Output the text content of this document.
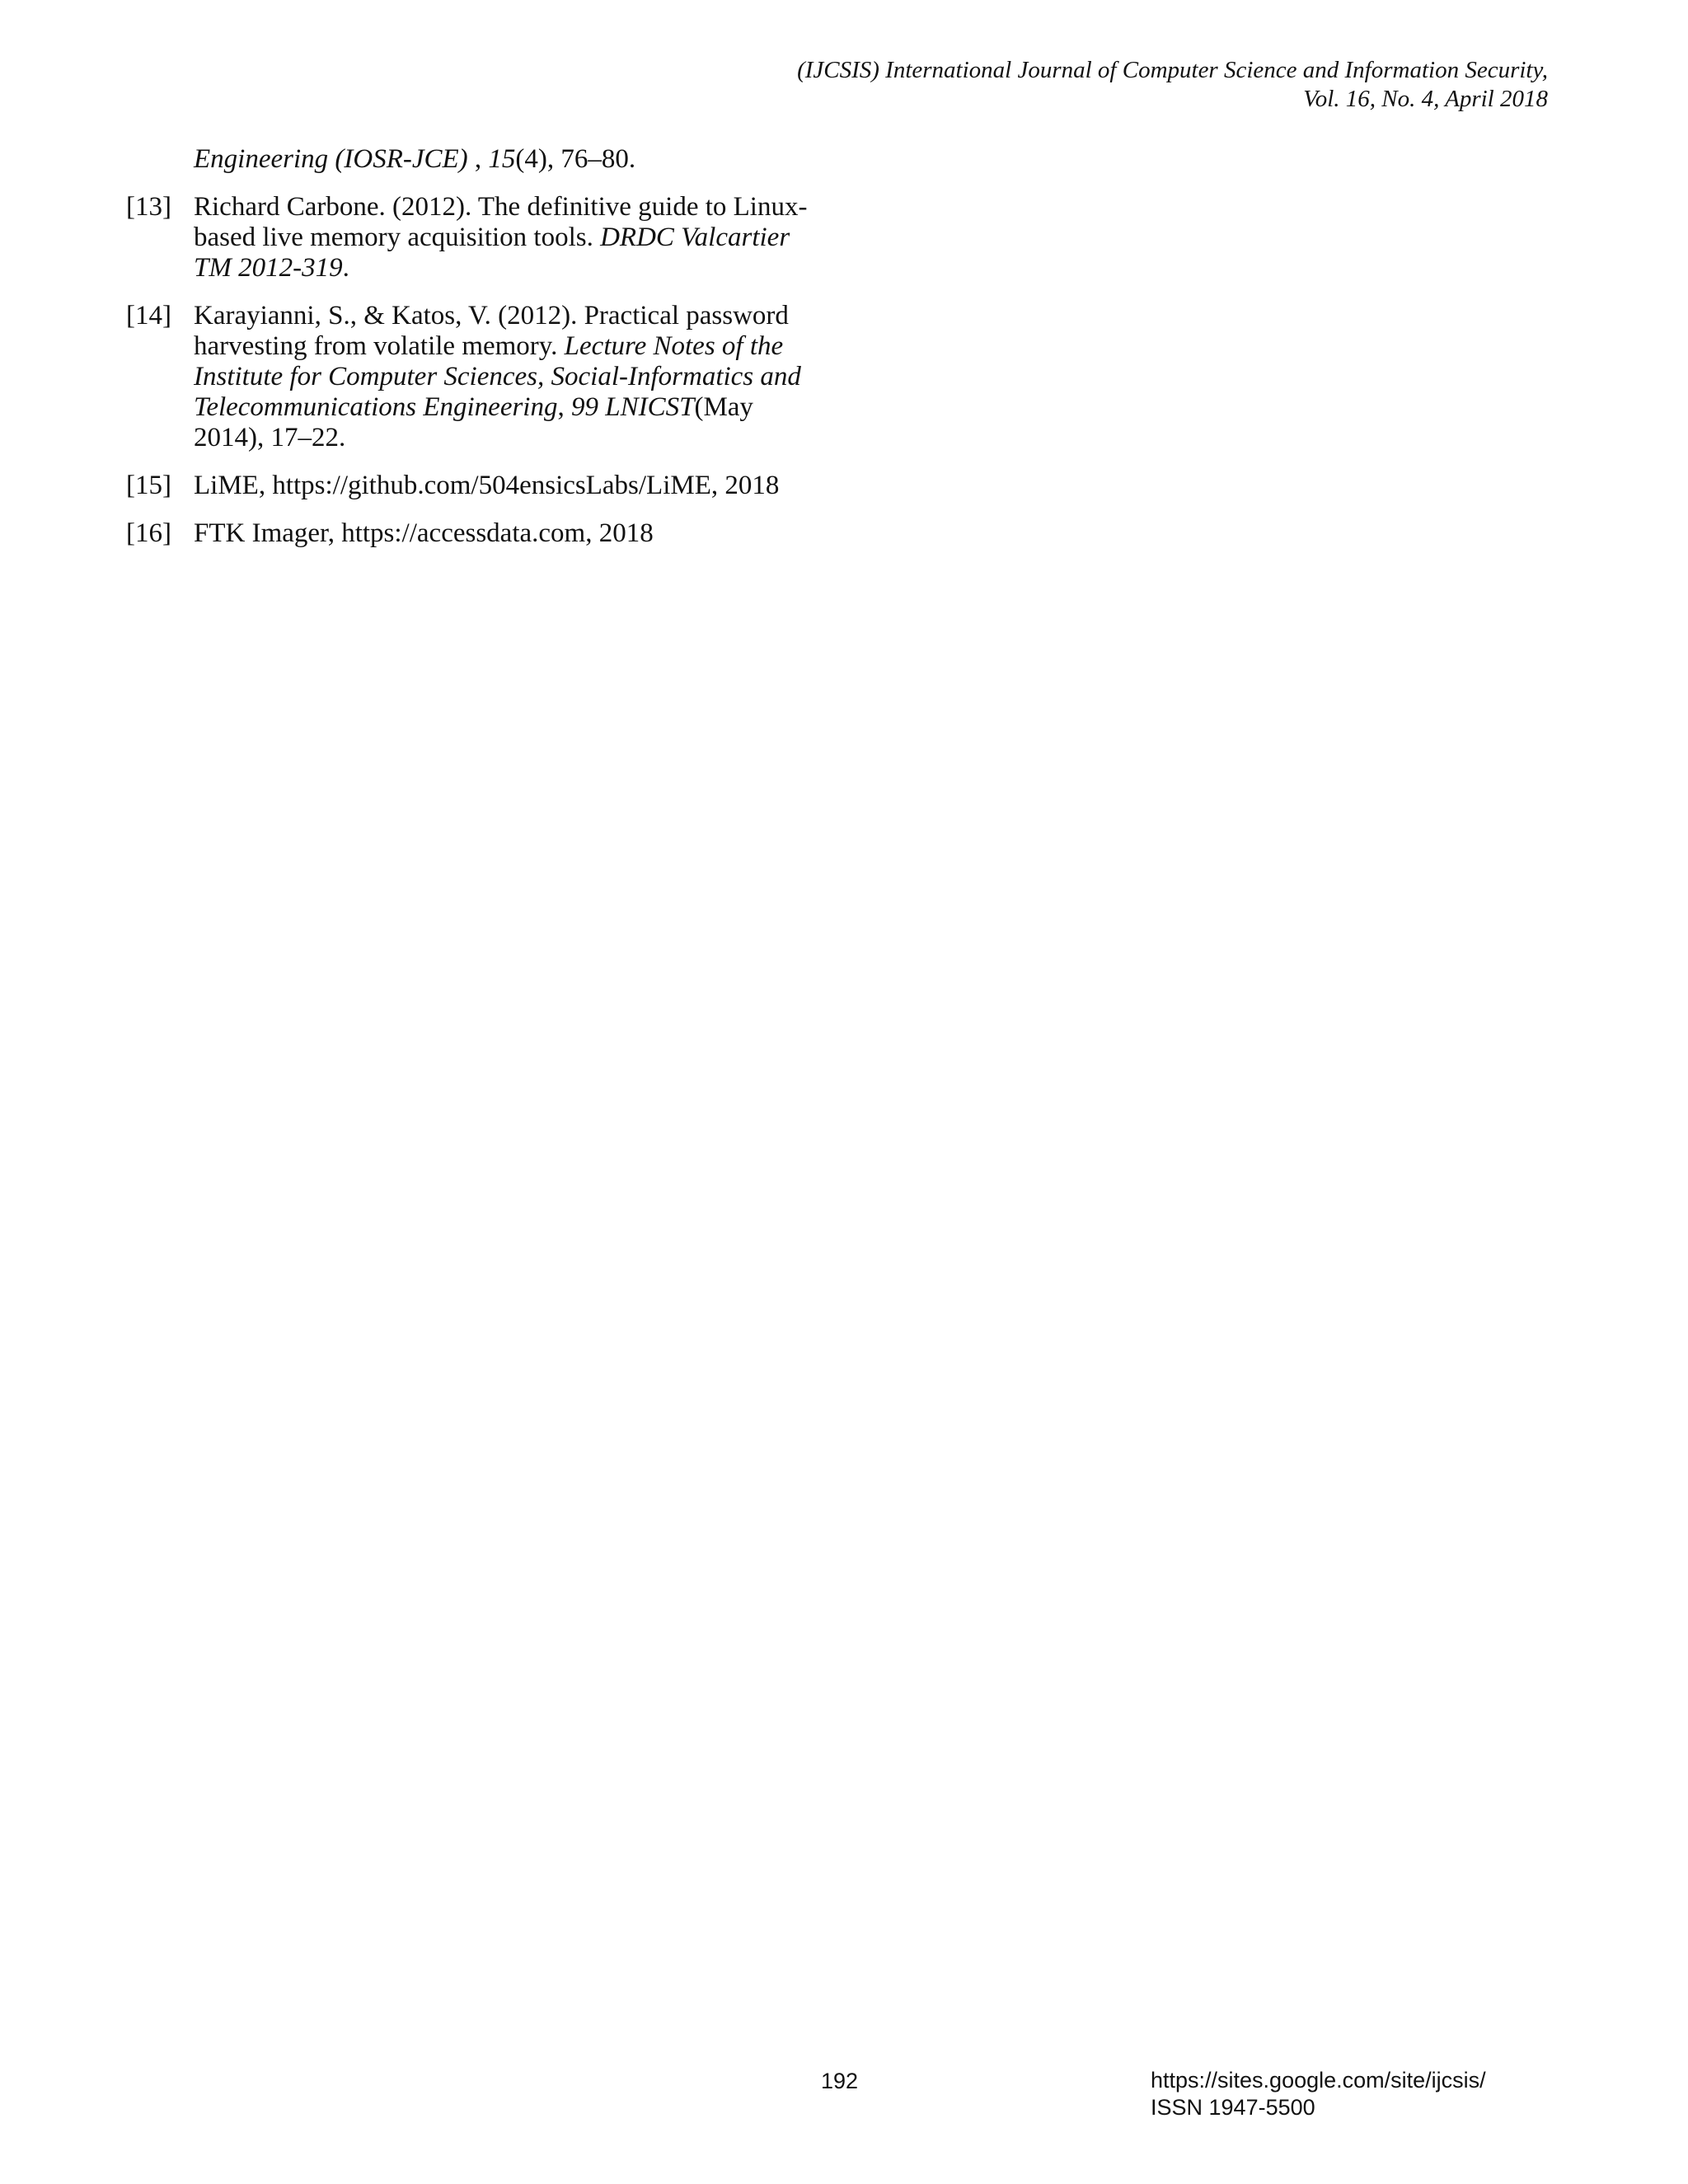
(IJCSIS) International Journal of Computer Science and Information Security,
Vol. 16, No. 4, April 2018
Engineering (IOSR-JCE) , 15(4), 76–80.
[13] Richard Carbone. (2012). The definitive guide to Linux-based live memory acquisition tools. DRDC Valcartier TM 2012-319.
[14] Karayianni, S., & Katos, V. (2012). Practical password harvesting from volatile memory. Lecture Notes of the Institute for Computer Sciences, Social-Informatics and Telecommunications Engineering, 99 LNICST(May 2014), 17–22.
[15] LiME, https://github.com/504ensicsLabs/LiME, 2018
[16] FTK Imager, https://accessdata.com, 2018
192	https://sites.google.com/site/ijcsis/
ISSN 1947-5500
